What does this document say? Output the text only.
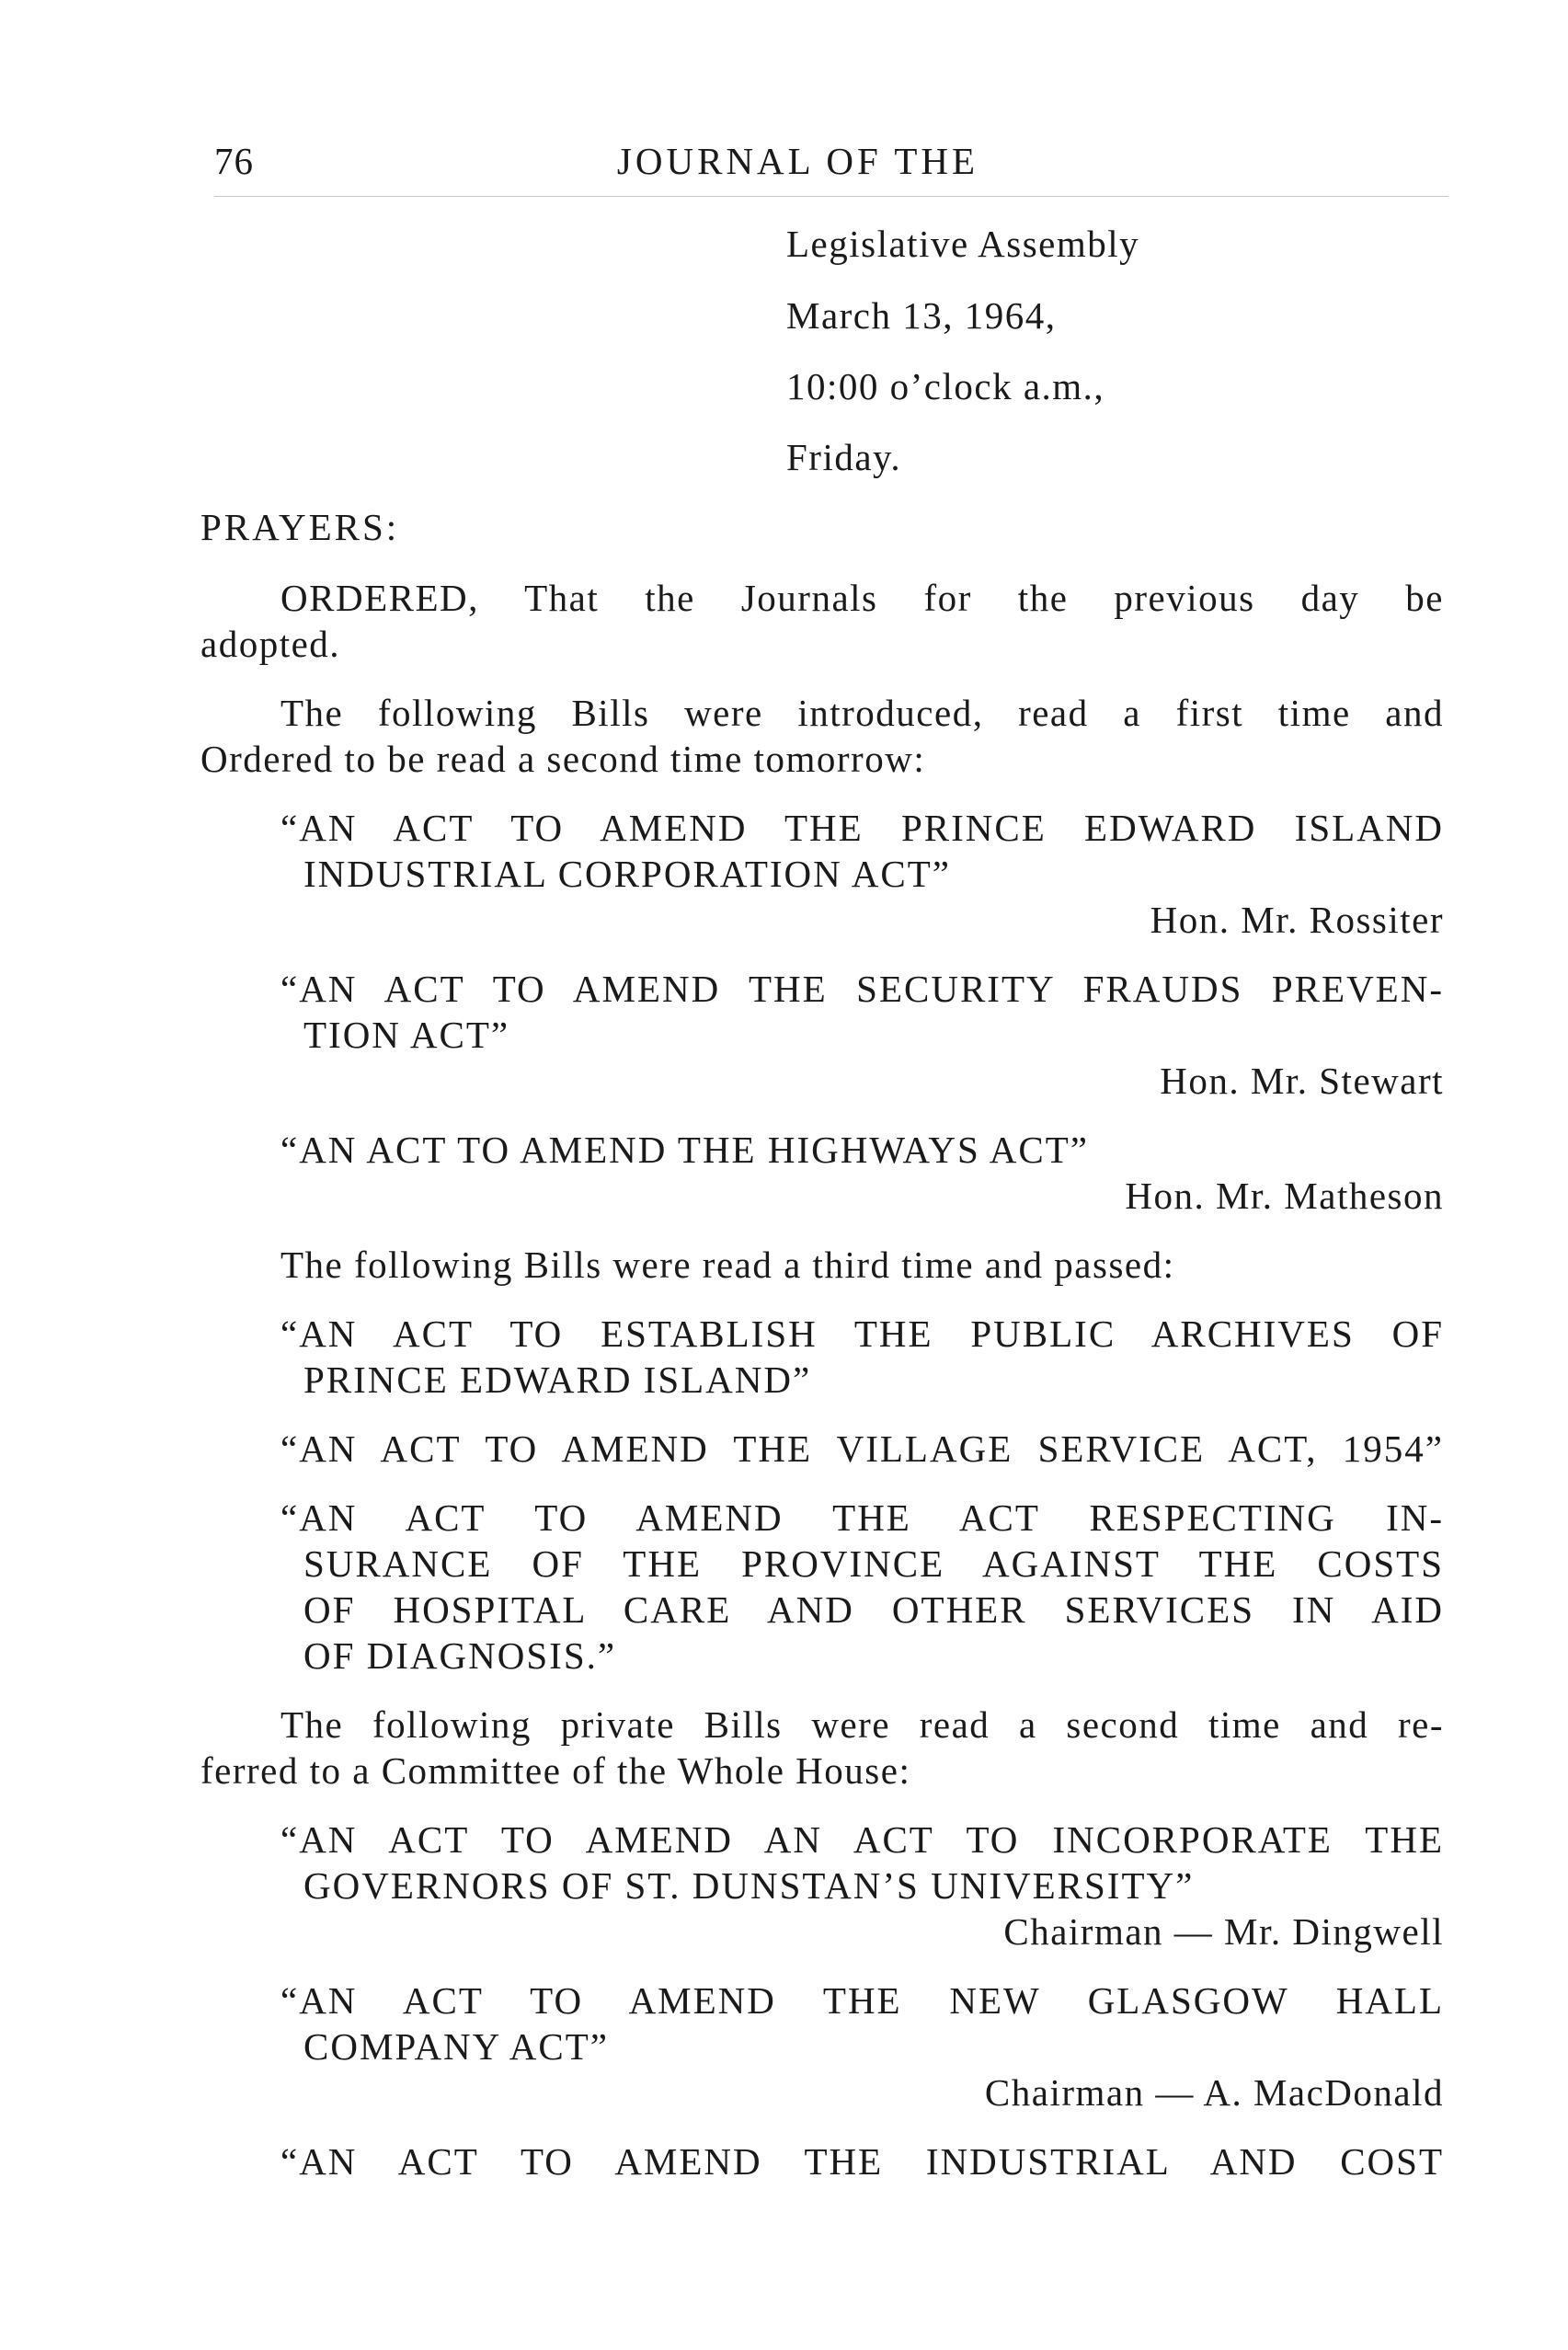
76	JOURNAL OF THE
Legislative Assembly
March 13, 1964,
10:00 o’clock a.m.,
Friday.
PRAYERS:
ORDERED, That the Journals for the previous day be
adopted.
The following Bills were introduced, read a first time and
Ordered to be read a second time tomorrow:
“AN ACT TO AMEND THE PRINCE EDWARD ISLAND
INDUSTRIAL CORPORATION ACT”
Hon. Mr. Rossiter
“AN ACT TO AMEND THE SECURITY FRAUDS PREVEN-
TION ACT”
Hon. Mr. Stewart
“AN ACT TO AMEND THE HIGHWAYS ACT”
Hon. Mr. Matheson
The following Bills were read a third time and passed:
“AN ACT TO ESTABLISH THE PUBLIC ARCHIVES OF
PRINCE EDWARD ISLAND”
“AN ACT TO AMEND THE VILLAGE SERVICE ACT, 1954”
“AN ACT TO AMEND THE ACT RESPECTING IN-
SURANCE OF THE PROVINCE AGAINST THE COSTS
OF HOSPITAL CARE AND OTHER SERVICES IN AID
OF DIAGNOSIS.”
The following private Bills were read a second time and re-
ferred to a Committee of the Whole House:
“AN ACT TO AMEND AN ACT TO INCORPORATE THE
GOVERNORS OF ST. DUNSTAN’S UNIVERSITY”
Chairman — Mr. Dingwell
“AN ACT TO AMEND THE NEW GLASGOW HALL
COMPANY ACT”
Chairman — A. MacDonald
“AN ACT TO AMEND THE INDUSTRIAL AND COST
